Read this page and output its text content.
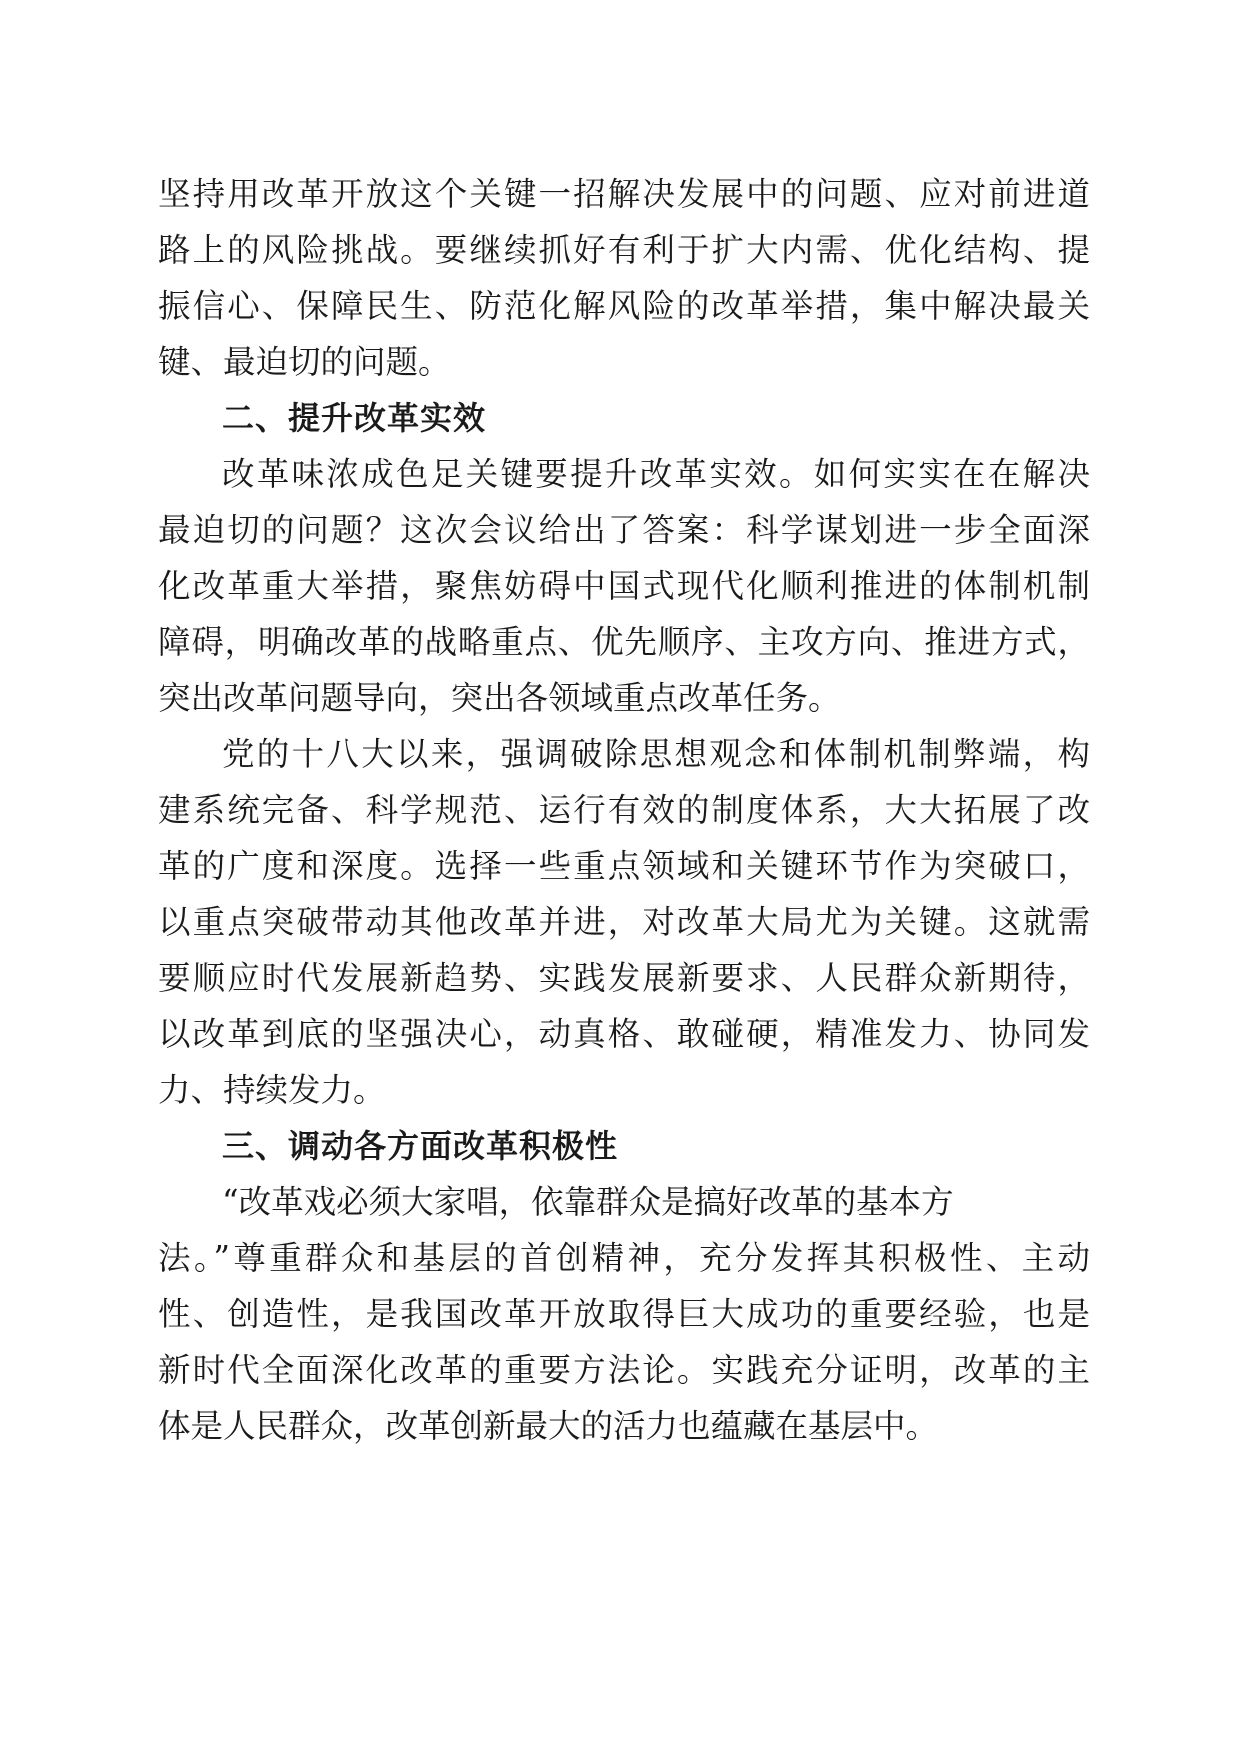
坚持用改革开放这个关键一招解决发展中的问题、应对前进道
路上的风险挑战。要继续抓好有利于扩大内需、优化结构、提
振信心、保障民生、防范化解风险的改革举措，集中解决最关
键、最迫切的问题。
二、提升改革实效
改革味浓成色足关键要提升改革实效。如何实实在在解决
最迫切的问题？这次会议给出了答案：科学谋划进一步全面深
化改革重大举措，聚焦妨碍中国式现代化顺利推进的体制机制
障碍，明确改革的战略重点、优先顺序、主攻方向、推进方式，
突出改革问题导向，突出各领域重点改革任务。
党的十八大以来，强调破除思想观念和体制机制弊端，构
建系统完备、科学规范、运行有效的制度体系，大大拓展了改
革的广度和深度。选择一些重点领域和关键环节作为突破口，
以重点突破带动其他改革并进，对改革大局尤为关键。这就需
要顺应时代发展新趋势、实践发展新要求、人民群众新期待，
以改革到底的坚强决心，动真格、敢碰硬，精准发力、协同发
力、持续发力。
三、调动各方面改革积极性
“改革戏必须大家唱，依靠群众是搞好改革的基本方
法。”尊重群众和基层的首创精神，充分发挥其积极性、主动
性、创造性，是我国改革开放取得巨大成功的重要经验，也是
新时代全面深化改革的重要方法论。实践充分证明，改革的主
体是人民群众，改革创新最大的活力也蕴藏在基层中。
